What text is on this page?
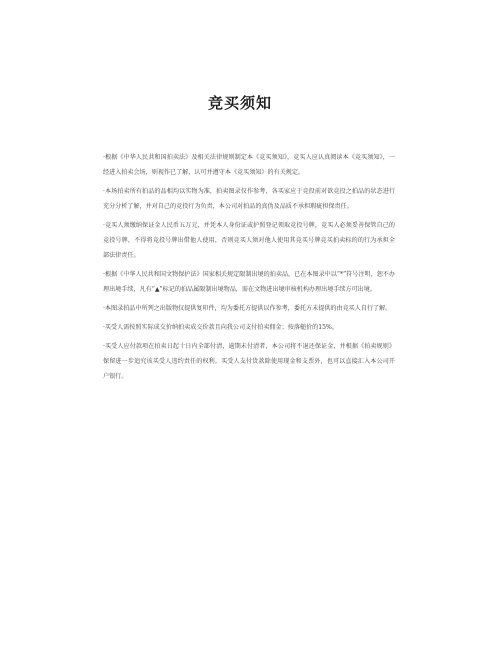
竞买须知

·根据《中华人民共和国拍卖法》及相关法律规则制定本《竞买须知》，竞买人应认真阅读本《竞买须知》，一经进入拍卖会场，则视作已了解、认可并遵守本《竞买须知》的有关规定。

·本场拍卖所有拍品的品相均以实物为准，拍卖图录仅作参考，各买家应于竞投前对欲竞投之拍品的状态进行充分分析了解，并对自己的竞投行为负责，本公司对拍品的真伪及品质不承担瑕疵担保责任。

·竞买人须缴纳保证金人民币五万元，并凭本人身份证或护照登记领取竞投号牌，竞买人必须妥善保管自己的竞投号牌，不得将竞投号牌出借他人使用，否则竞买人须对他人使用其竞买号牌竞买拍卖标的的行为承担全部法律责任。

·根据《中华人民共和国文物保护法》国家相关规定限制出境的拍卖品，已在本图录中以“*”符号注明，恕不办理出境手续，凡有“▲”标记的拍品属限制出境物品，需在文物进出境审核机构办理出境手续方可出境。

·本图录拍品中所列之出版物仅提供复印件，均为委托方提供以作参考，委托方未提供的由竞买人自行了解。

·买受人需按照实际成交价纳拍卖成交价款且向我公司支付拍卖佣金；按落槌价的15%。

·买受人应付款项在拍卖日起十日内全部付清，逾期未付清者，本公司将不退还保证金，并根据《拍卖规则》保留进一步追究该买受人违约责任的权利。买受人支付货款除使用现金和支票外，也可以直接汇入本公司开户银行。
